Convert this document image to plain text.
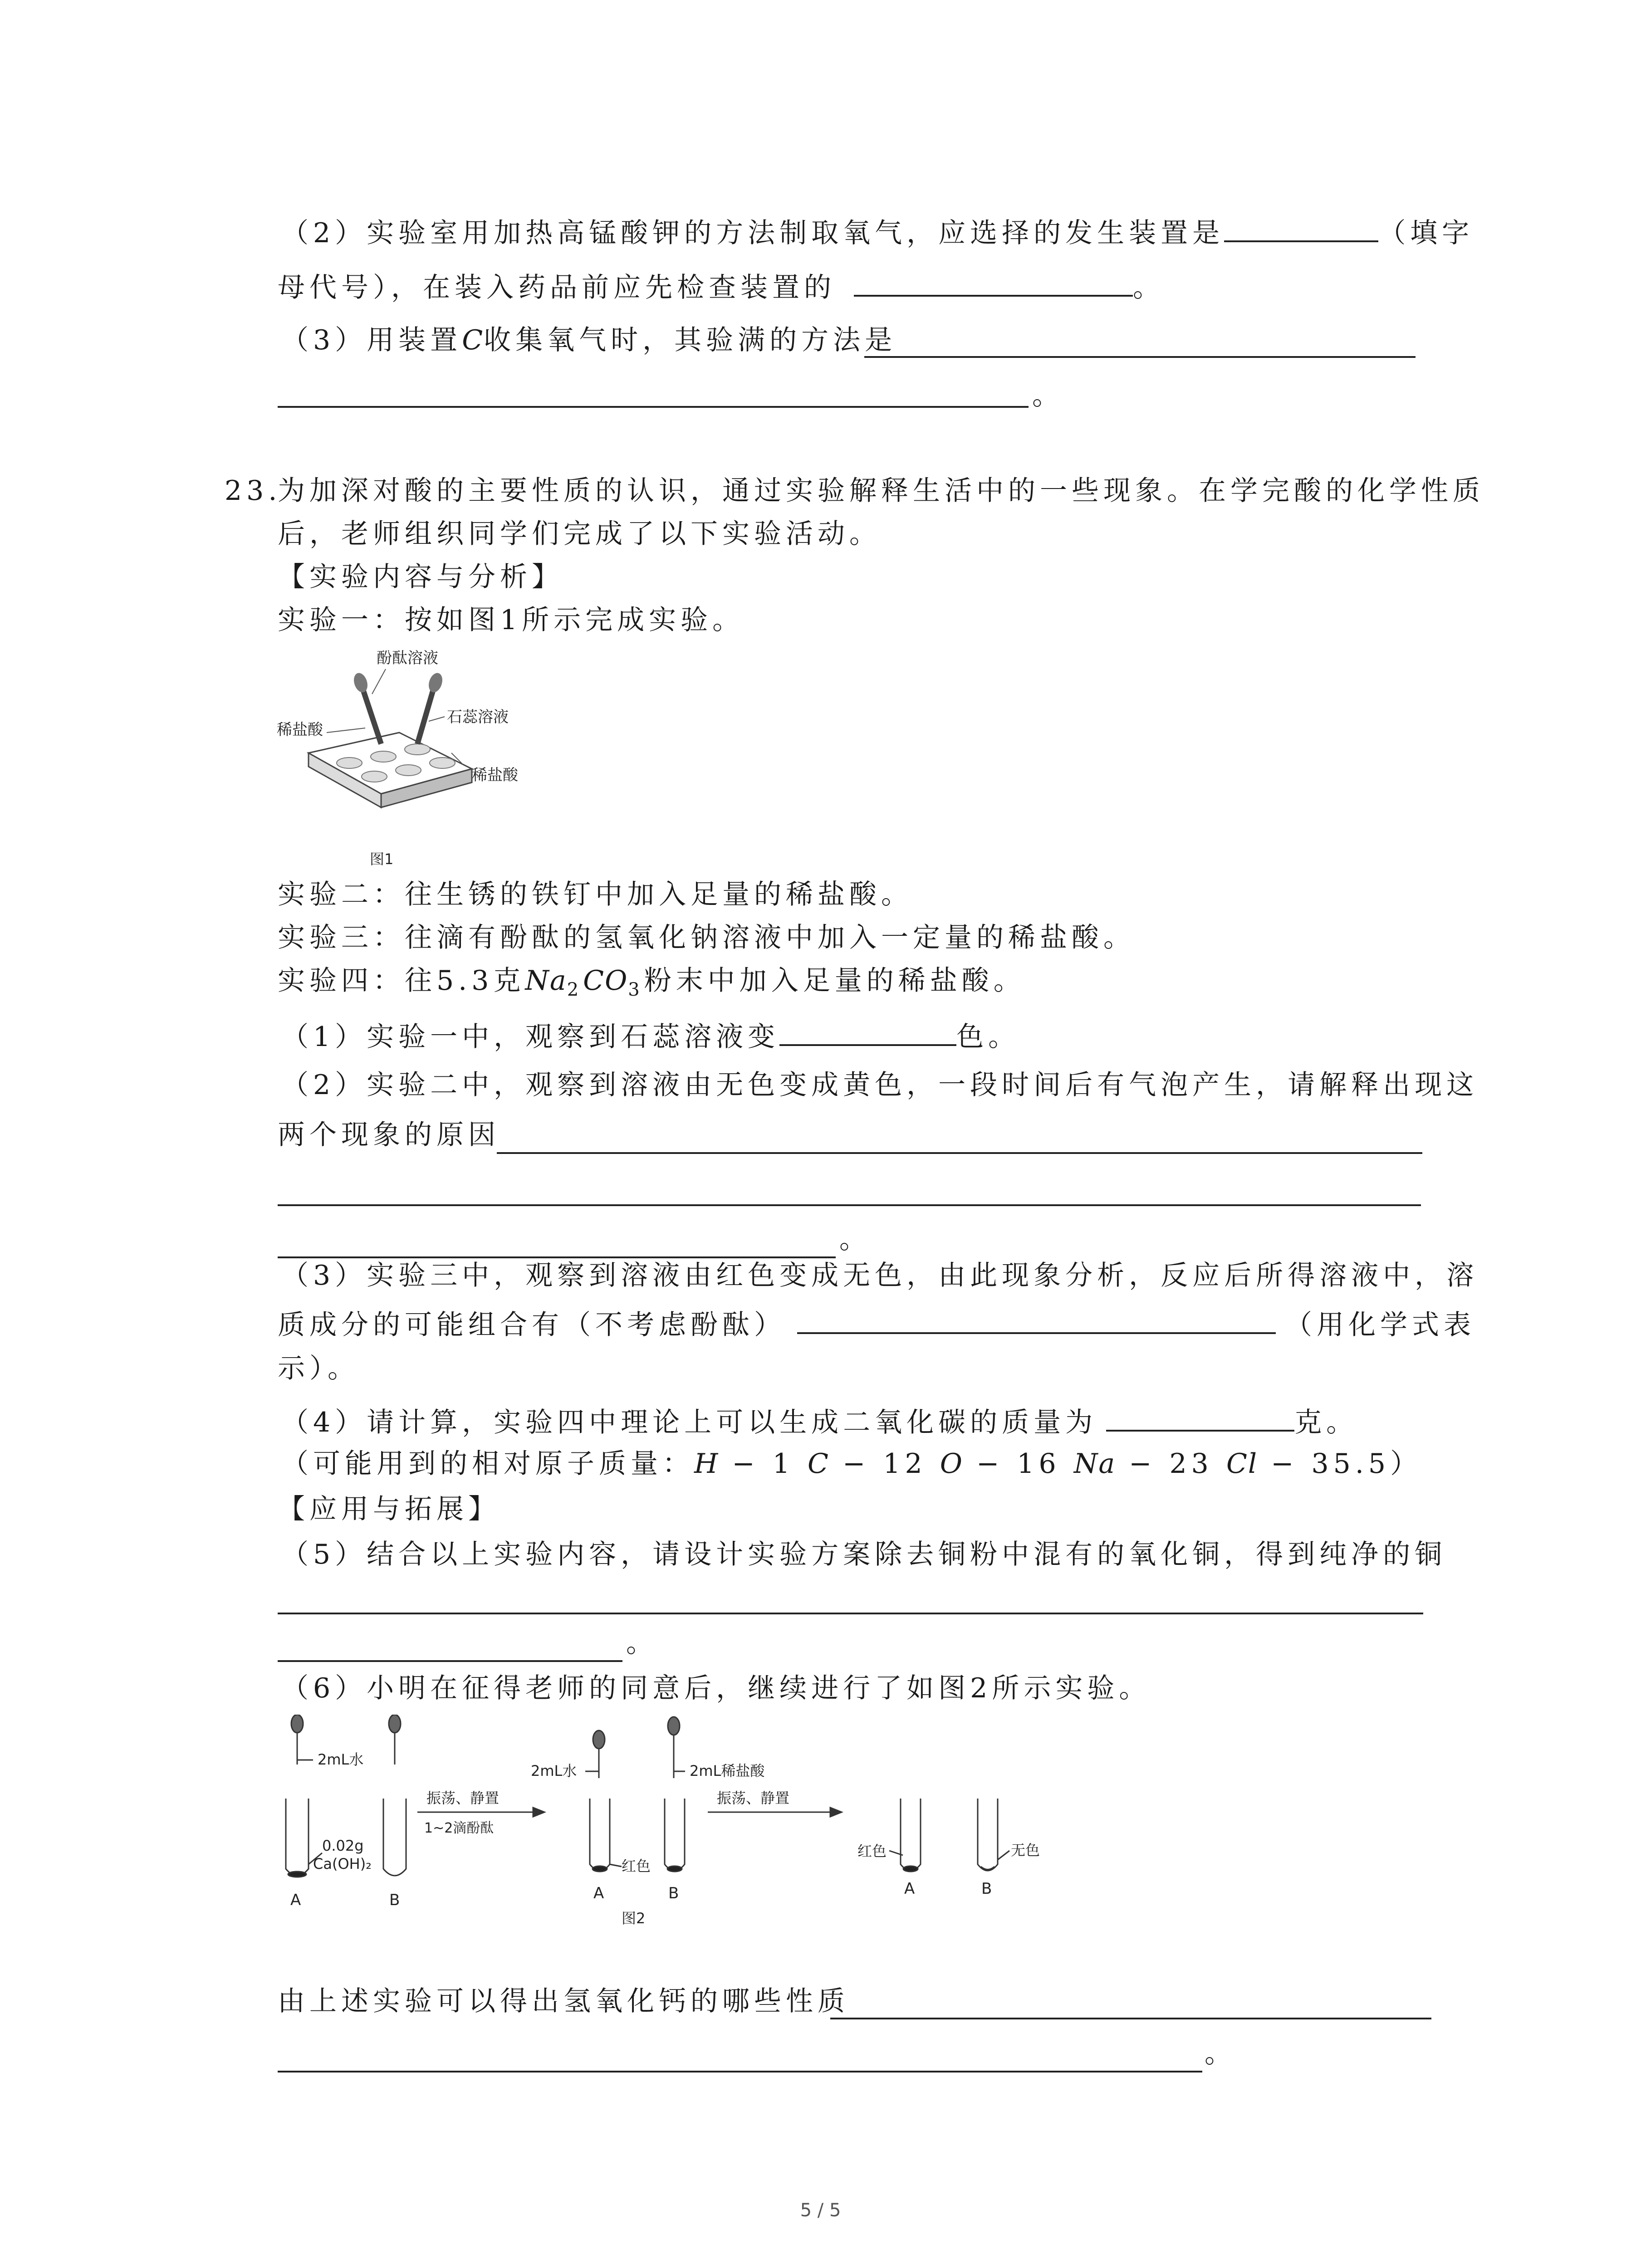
（2）实验室用加热高锰酸钾的方法制取氧气，应选择的发生装置是	（填字
母代号），在装入药品前应先检查装置的	。
（3）用装置C收集氧气时，其验满的方法是
。
23.
为加深对酸的主要性质的认识，通过实验解释生活中的一些现象。在学完酸的化学性质
后，老师组织同学们完成了以下实验活动。
【实验内容与分析】
实验一：按如图1所示完成实验。
酚酞溶液
石蕊溶液
稀盐酸
稀盐酸
图1
实验二：往生锈的铁钉中加入足量的稀盐酸。
实验三：往滴有酚酞的氢氧化钠溶液中加入一定量的稀盐酸。
实验四：往5.3克$Na_2CO_3$粉末中加入足量的稀盐酸。
（1）实验一中，观察到石蕊溶液变	色。
（2）实验二中，观察到溶液由无色变成黄色，一段时间后有气泡产生，请解释出现这
两个现象的原因
。
（3）实验三中，观察到溶液由红色变成无色，由此现象分析，反应后所得溶液中，溶
质成分的可能组合有（不考虑酚酞）	（用化学式表
示）。
（4）请计算，实验四中理论上可以生成二氧化碳的质量为	克。
（可能用到的相对原子质量：H − 1 C − 12 O − 16 Na − 23 Cl − 35.5）
【应用与拓展】
（5）结合以上实验内容，请设计实验方案除去铜粉中混有的氧化铜，得到纯净的铜
。
（6）小明在征得老师的同意后，继续进行了如图2所示实验。
2mL水
振荡、静置
1~2滴酚酞
0.02g
Ca(OH)₂
A	B
2mL水	2mL稀盐酸
红色
A	B
振荡、静置
红色	无色
A	B
图2
由上述实验可以得出氢氧化钙的哪些性质
。
5 / 5
